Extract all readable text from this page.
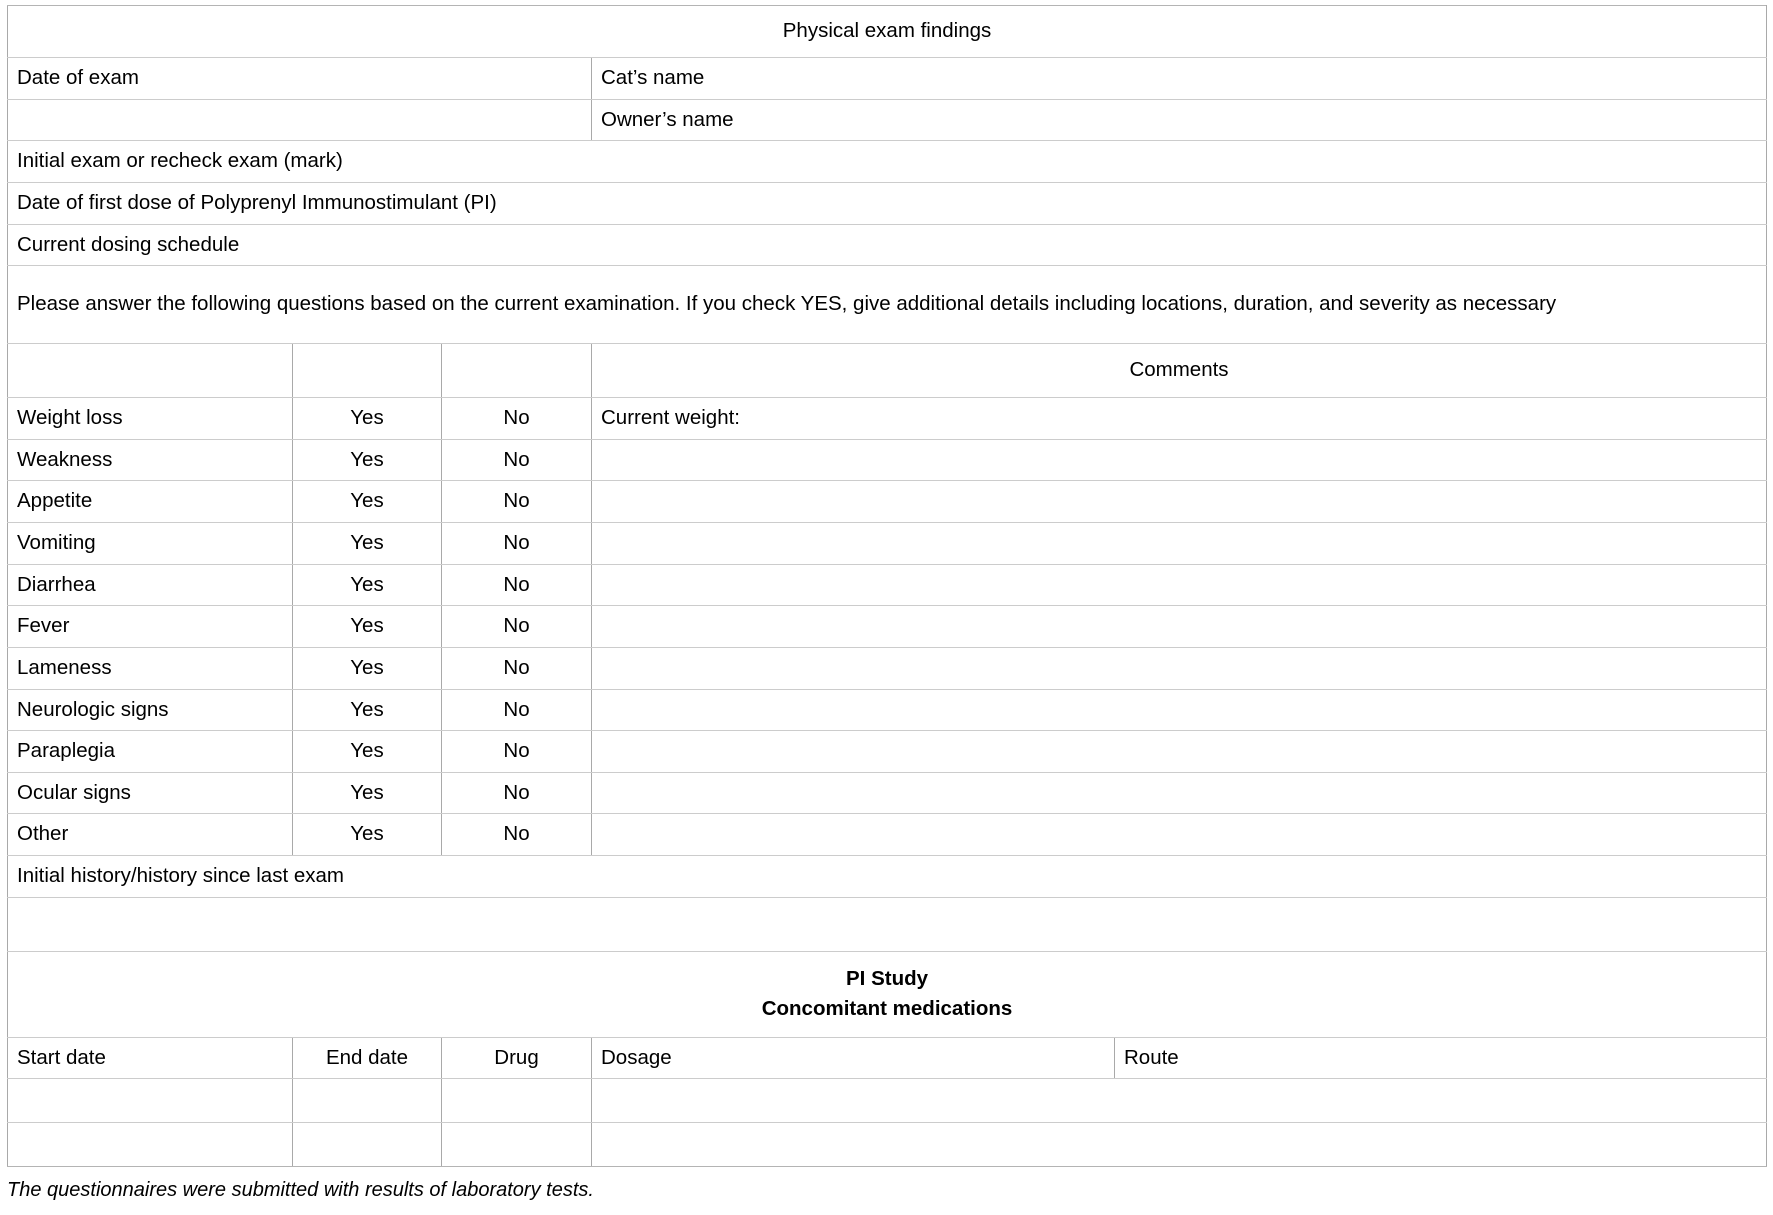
Physical exam findings				
Date of exam			Cat’s name	
			Owner’s name	
Initial exam or recheck exam (mark)				
Date of first dose of Polyprenyl Immunostimulant (PI)				
Current dosing schedule				
Please answer the following questions based on the current examination. If you check YES, give additional details including locations, duration, and severity as necessary				
			Comments	
Weight loss	Yes	No	Current weight:	
Weakness	Yes	No		
Appetite	Yes	No		
Vomiting	Yes	No		
Diarrhea	Yes	No		
Fever	Yes	No		
Lameness	Yes	No		
Neurologic signs	Yes	No		
Paraplegia	Yes	No		
Ocular signs	Yes	No		
Other	Yes	No		
Initial history/history since last exam				

PI Study
Concomitant medications				

Start date	End date	Drug	Dosage	Route

The questionnaires were submitted with results of laboratory tests.
